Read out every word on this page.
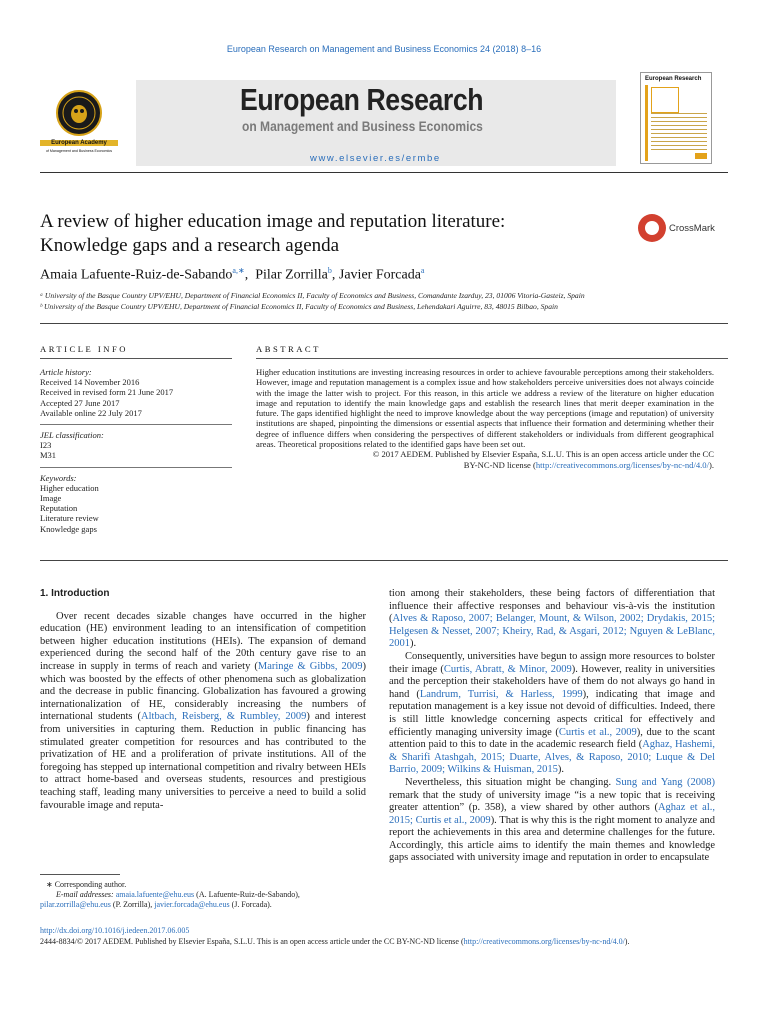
European Research on Management and Business Economics 24 (2018) 8–16
European Academy
of Management and Business Economics
European Research
on Management and Business Economics
www.elsevier.es/ermbe
European Research
A review of higher education image and reputation literature:
Knowledge gaps and a research agenda
CrossMark
Amaia Lafuente-Ruiz-de-Sabando$^{a,∗}$,  Pilar Zorrilla$^b$, Javier Forcada$^a$
ᵃ University of the Basque Country UPV/EHU, Department of Financial Economics II, Faculty of Economics and Business, Comandante Izarduy, 23, 01006 Vitoria-Gasteiz, Spain
ᵇ University of the Basque Country UPV/EHU, Department of Financial Economics II, Faculty of Economics and Business, Lehendakari Aguirre, 83, 48015 Bilbao, Spain
ARTICLE INFO	ABSTRACT
Article history:
Received 14 November 2016
Received in revised form 21 June 2017
Accepted 27 June 2017
Available online 22 July 2017
JEL classification:
I23
M31
Keywords:
Higher education
Image
Reputation
Literature review
Knowledge gaps
Higher education institutions are investing increasing resources in order to achieve favourable perceptions among their stakeholders. However, image and reputation management is a complex issue and how stakeholders perceive universities does not always coincide with the image the latter wish to project. For this reason, in this article we address a review of the literature on higher education image and reputation to identify the main knowledge gaps and establish the research lines that merit deeper examination in the future. The gaps identified highlight the need to improve knowledge about the way perceptions (image and reputation) of university institutions are shaped, pinpointing the dimensions or essential aspects that influence their formation and determining whether their degree of influence differs when considering the perspectives of different stakeholders or individuals from different geographical areas. Theoretical propositions related to the identified gaps have been set out.
© 2017 AEDEM. Published by Elsevier España, S.L.U. This is an open access article under the CC
BY-NC-ND license (http://creativecommons.org/licenses/by-nc-nd/4.0/).
1. Introduction

Over recent decades sizable changes have occurred in the higher education (HE) environment leading to an intensification of competition between higher education institutions (HEIs). The expansion of demand experienced during the second half of the 20th century gave rise to an increase in supply in terms of reach and variety (Maringe & Gibbs, 2009) which was boosted by the effects of other phenomena such as globalization and the decrease in public financing. Globalization has favoured a growing internationalization of HE, considerably increasing the numbers of international students (Altbach, Reisberg, & Rumbley, 2009) and interest from universities in capturing them. Reduction in public financing has stimulated greater competition for resources and has contributed to the privatization of HE and a proliferation of private institutions. All of the foregoing has stepped up international competition and rivalry between HEIs to attract home-based and overseas students, resources and prestigious teaching staff, leading many universities to perceive a need to build a solid favourable image and reputa-

tion among their stakeholders, these being factors of differentiation that influence their affective responses and behaviour vis-à-vis the institution (Alves & Raposo, 2007; Belanger, Mount, & Wilson, 2002; Drydakis, 2015; Helgesen & Nesset, 2007; Kheiry, Rad, & Asgari, 2012; Nguyen & LeBlanc, 2001).

Consequently, universities have begun to assign more resources to bolster their image (Curtis, Abratt, & Minor, 2009). However, reality in universities and the perception their stakeholders have of them do not always go hand in hand (Landrum, Turrisi, & Harless, 1999), indicating that image and reputation management is a key issue not devoid of difficulties. Indeed, there is still little knowledge concerning aspects critical for effectively and efficiently managing university image (Curtis et al., 2009), due to the scant attention paid to this to date in the academic research field (Aghaz, Hashemi, & Sharifi Atashgah, 2015; Duarte, Alves, & Raposo, 2010; Luque & Del Barrio, 2009; Wilkins & Huisman, 2015).

Nevertheless, this situation might be changing. Sung and Yang (2008) remark that the study of university image “is a new topic that is receiving greater attention” (p. 358), a view shared by other authors (Aghaz et al., 2015; Curtis et al., 2009). That is why this is the right moment to analyze and report the achievements in this area and determine challenges for the future. Accordingly, this article aims to identify the main themes and knowledge gaps associated with university image and reputation in order to encapsulate

∗ Corresponding author.
E-mail addresses: amaia.lafuente@ehu.eus (A. Lafuente-Ruiz-de-Sabando),
pilar.zorrilla@ehu.eus (P. Zorrilla), javier.forcada@ehu.eus (J. Forcada).
http://dx.doi.org/10.1016/j.iedeen.2017.06.005
2444-8834/© 2017 AEDEM. Published by Elsevier España, S.L.U. This is an open access article under the CC BY-NC-ND license (http://creativecommons.org/licenses/by-nc-nd/4.0/).
